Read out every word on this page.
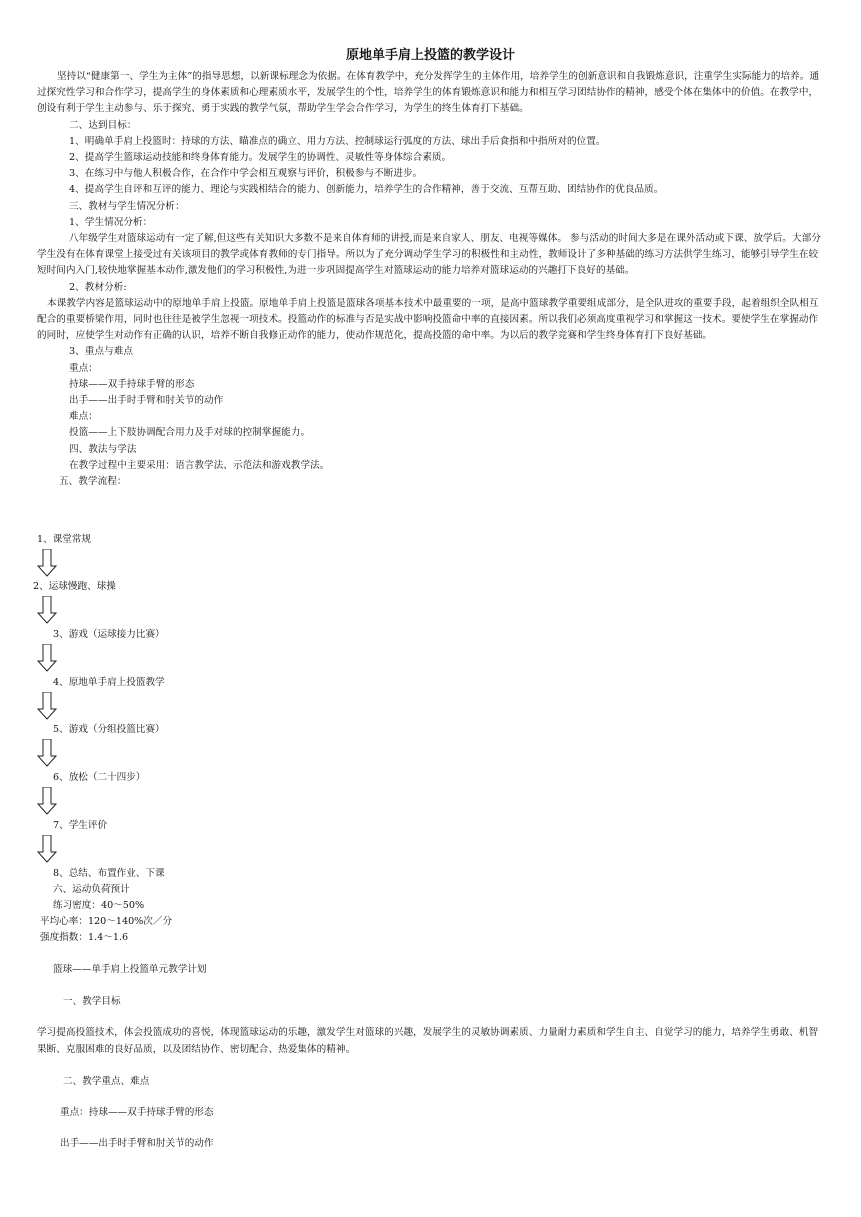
原地单手肩上投篮的教学设计

坚持以“健康第一、学生为主体”的指导思想，以新课标理念为依据。在体育教学中，充分发挥学生的主体作用，培养学生的创新意识和自我锻炼意识，注重学生实际能力的培养。通过探究性学习和合作学习，提高学生的身体素质和心理素质水平，发展学生的个性，培养学生的体育锻炼意识和能力和相互学习团结协作的精神，感受个体在集体中的价值。在教学中，创设有利于学生主动参与、乐于探究、勇于实践的教学气氛，帮助学生学会合作学习，为学生的终生体育打下基础。

二、达到目标：

1、明确单手肩上投篮时：持球的方法、瞄准点的确立、用力方法、控制球运行弧度的方法、球出手后食指和中指所对的位置。

2、提高学生篮球运动技能和终身体育能力。发展学生的协调性、灵敏性等身体综合素质。

3、在练习中与他人积极合作，在合作中学会相互观察与评价，积极参与不断进步。

4、提高学生自评和互评的能力、理论与实践相结合的能力、创新能力，培养学生的合作精神，善于交流、互帮互助、团结协作的优良品质。

三、教材与学生情况分析：

1、学生情况分析：

八年级学生对篮球运动有一定了解,但这些有关知识大多数不是来自体育师的讲授,而是来自家人、朋友、电视等媒体。 参与活动的时间大多是在课外活动或下课、放学后。大部分学生没有在体育课堂上接受过有关该项目的教学或体育教师的专门指导。所以为了充分调动学生学习的积极性和主动性，教师设计了多种基础的练习方法供学生练习，能够引导学生在较短时间内入门,较快地掌握基本动作,激发他们的学习积极性,为进一步巩固提高学生对篮球运动的能力培养对篮球运动的兴趣打下良好的基础。

2、教材分析:

本课教学内容是篮球运动中的原地单手肩上投篮。原地单手肩上投篮是篮球各项基本技术中最重要的一项，是高中篮球教学重要组成部分，是全队进攻的重要手段，起着组织全队相互配合的重要桥梁作用，同时也往往是被学生忽视一项技术。投篮动作的标准与否是实战中影响投篮命中率的直接因素。所以我们必须高度重视学习和掌握这一技术。要使学生在掌握动作的同时，应使学生对动作有正确的认识，培养不断自我修正动作的能力，使动作规范化，提高投篮的命中率。为以后的教学竞赛和学生终身体育打下良好基础。

3、重点与难点

重点：

持球——双手持球手臂的形态

出手——出手时手臂和肘关节的动作

难点：

投篮——上下肢协调配合用力及手对球的控制掌握能力。

四、教法与学法

在教学过程中主要采用：语言教学法、示范法和游戏教学法。

五、教学流程：

1、课堂常规
2、运球慢跑、球操
3、游戏（运球接力比赛）
4、原地单手肩上投篮教学
5、游戏（分组投篮比赛）
6、放松（二十四步）
7、学生评价
8、总结、布置作业、下课
六、运动负荷预计
练习密度：40～50%
平均心率：120～140%次／分
强度指数：1.4～1.6
篮球——单手肩上投篮单元教学计划
一、教学目标
学习提高投篮技术，体会投篮成功的喜悦，体现篮球运动的乐趣，激发学生对篮球的兴趣，发展学生的灵敏协调素质、力量耐力素质和学生自主、自觉学习的能力，培养学生勇敢、机智果断、克服困难的良好品质，以及团结协作、密切配合、热爱集体的精神。
二、教学重点、难点
重点：持球——双手持球手臂的形态
出手——出手时手臂和肘关节的动作
